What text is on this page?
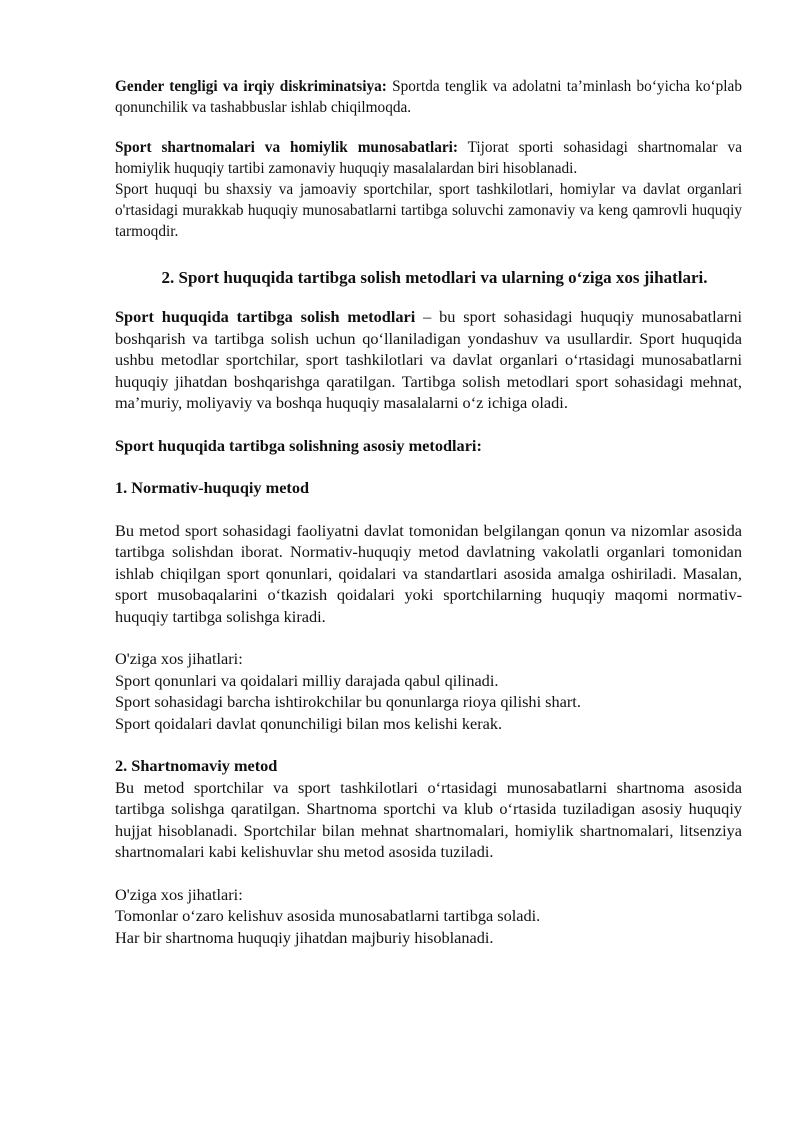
Gender tengligi va irqiy diskriminatsiya: Sportda tenglik va adolatni ta’minlash bo‘yicha ko‘plab qonunchilik va tashabbuslar ishlab chiqilmoqda.

Sport shartnomalari va homiylik munosabatlari: Tijorat sporti sohasidagi shartnomalar va homiylik huquqiy tartibi zamonaviy huquqiy masalalardan biri hisoblanadi.

Sport huquqi bu shaxsiy va jamoaviy sportchilar, sport tashkilotlari, homiylar va davlat organlari o'rtasidagi murakkab huquqiy munosabatlarni tartibga soluvchi zamonaviy va keng qamrovli huquqiy tarmoqdir.

2. Sport huquqida tartibga solish metodlari va ularning o‘ziga xos jihatlari.

Sport huquqida tartibga solish metodlari – bu sport sohasidagi huquqiy munosabatlarni boshqarish va tartibga solish uchun qo‘llaniladigan yondashuv va usullardir. Sport huquqida ushbu metodlar sportchilar, sport tashkilotlari va davlat organlari o‘rtasidagi munosabatlarni huquqiy jihatdan boshqarishga qaratilgan. Tartibga solish metodlari sport sohasidagi mehnat, ma’muriy, moliyaviy va boshqa huquqiy masalalarni o‘z ichiga oladi.

Sport huquqida tartibga solishning asosiy metodlari:

1. Normativ-huquqiy metod

Bu metod sport sohasidagi faoliyatni davlat tomonidan belgilangan qonun va nizomlar asosida tartibga solishdan iborat. Normativ-huquqiy metod davlatning vakolatli organlari tomonidan ishlab chiqilgan sport qonunlari, qoidalari va standartlari asosida amalga oshiriladi. Masalan, sport musobaqalarini o‘tkazish qoidalari yoki sportchilarning huquqiy maqomi normativ-huquqiy tartibga solishga kiradi.

O'ziga xos jihatlari:

Sport qonunlari va qoidalari milliy darajada qabul qilinadi.

Sport sohasidagi barcha ishtirokchilar bu qonunlarga rioya qilishi shart.

Sport qoidalari davlat qonunchiligi bilan mos kelishi kerak.

2. Shartnomaviy metod

Bu metod sportchilar va sport tashkilotlari o‘rtasidagi munosabatlarni shartnoma asosida tartibga solishga qaratilgan. Shartnoma sportchi va klub o‘rtasida tuziladigan asosiy huquqiy hujjat hisoblanadi. Sportchilar bilan mehnat shartnomalari, homiylik shartnomalari, litsenziya shartnomalari kabi kelishuvlar shu metod asosida tuziladi.

O'ziga xos jihatlari:

Tomonlar o‘zaro kelishuv asosida munosabatlarni tartibga soladi.

Har bir shartnoma huquqiy jihatdan majburiy hisoblanadi.
